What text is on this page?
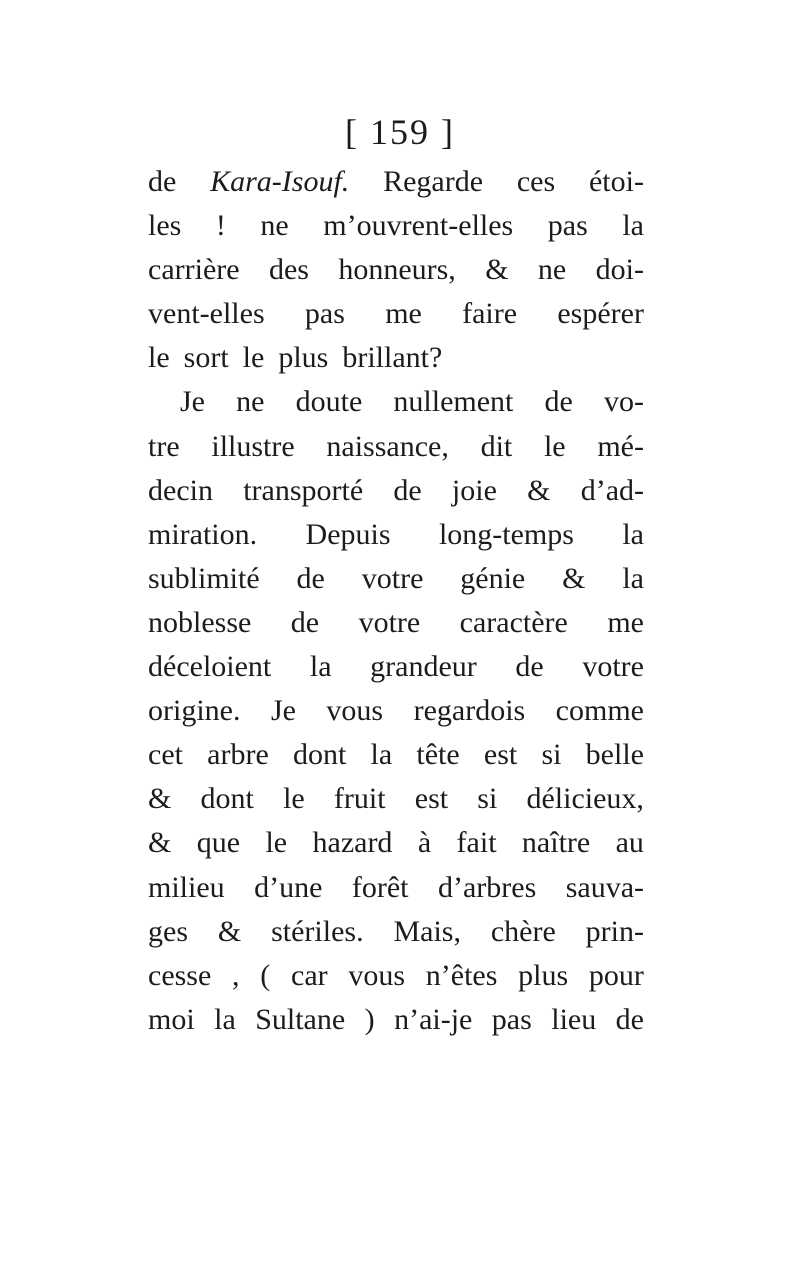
[ 159 ]
de Kara-Isouf. Regarde ces étoi-
les ! ne m’ouvrent-elles pas la
carrière des honneurs, & ne doi-
vent-elles pas me faire espérer
le sort le plus brillant?
Je ne doute nullement de vo-
tre illustre naissance, dit le mé-
decin transporté de joie & d’ad-
miration. Depuis long-temps la
sublimité de votre génie & la
noblesse de votre caractère me
déceloient la grandeur de votre
origine. Je vous regardois comme
cet arbre dont la tête est si belle
& dont le fruit est si délicieux,
& que le hazard à fait naître au
milieu d’une forêt d’arbres sauva-
ges & stériles. Mais, chère prin-
cesse , ( car vous n’êtes plus pour
moi la Sultane ) n’ai-je pas lieu de
